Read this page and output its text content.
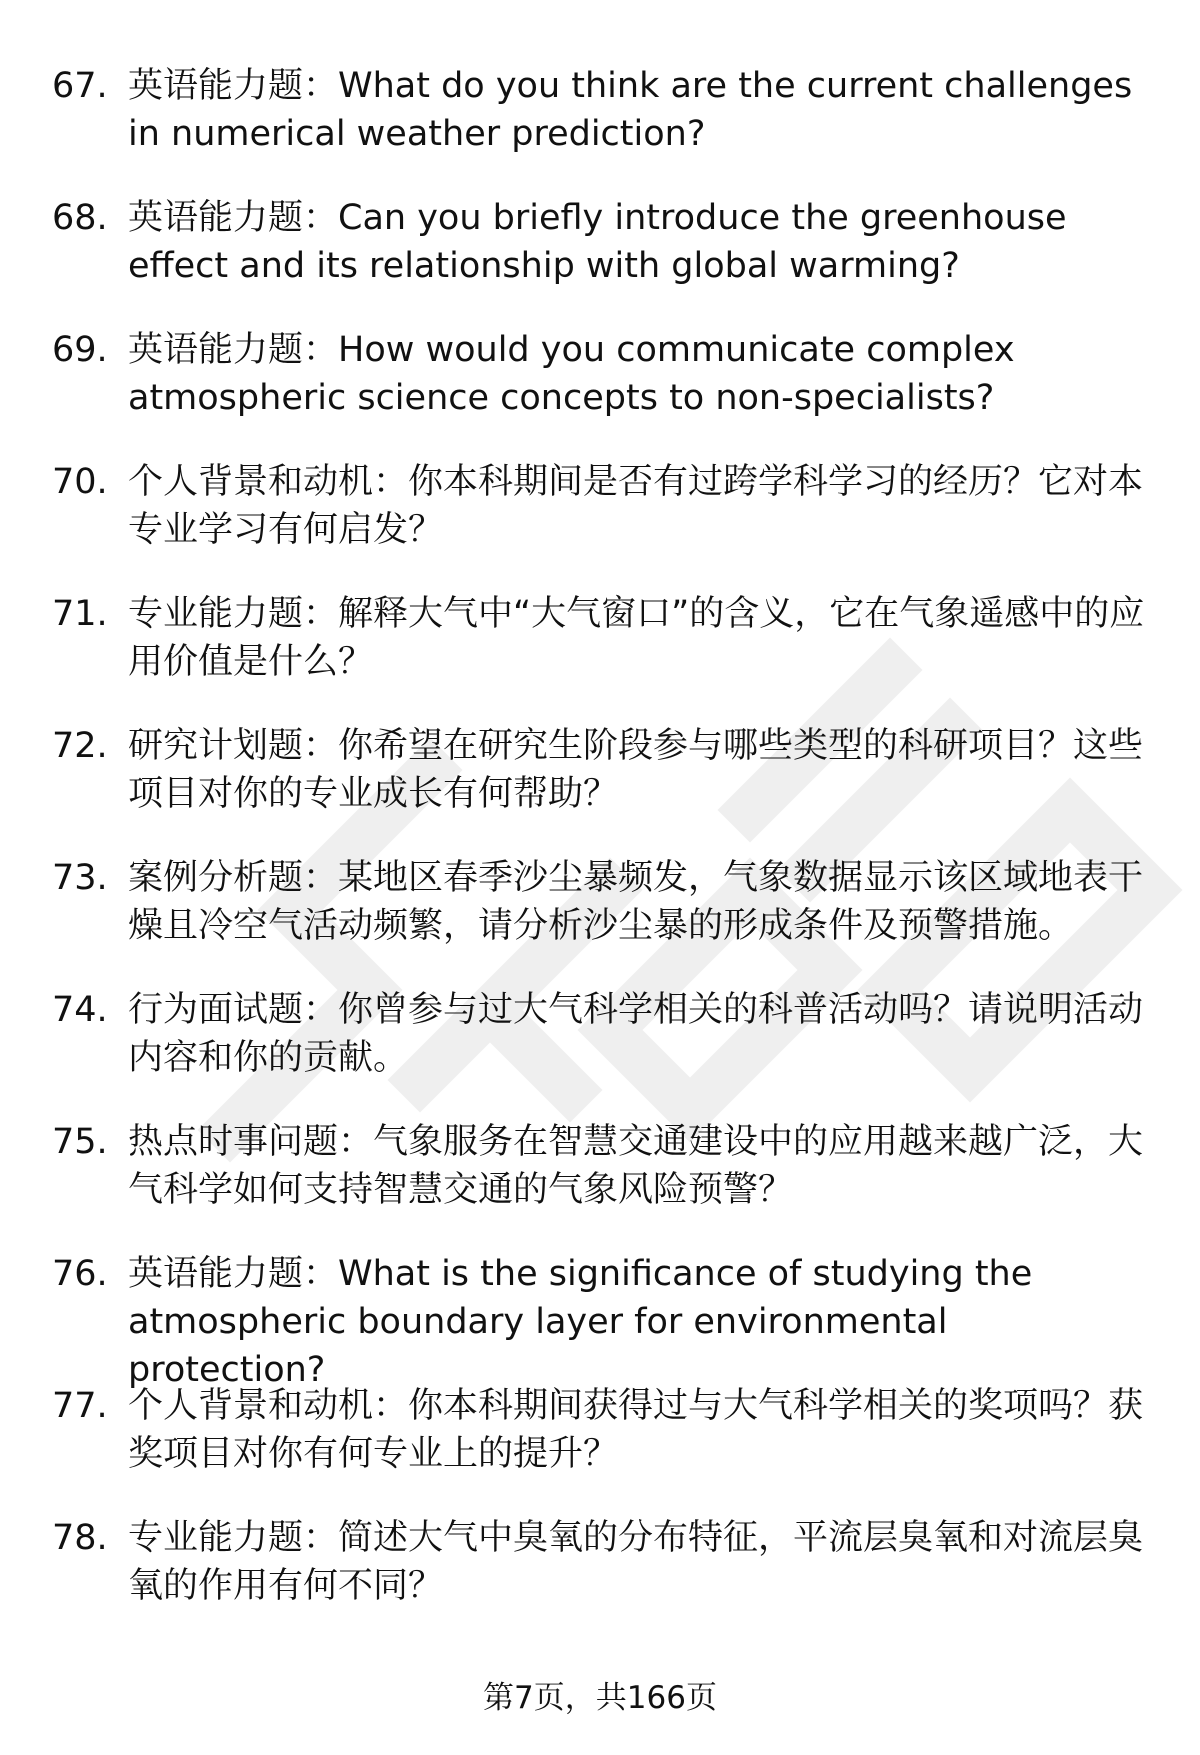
67. 英语能力题：What do you think are the current challenges in numerical weather prediction?
68. 英语能力题：Can you briefly introduce the greenhouse effect and its relationship with global warming?
69. 英语能力题：How would you communicate complex atmospheric science concepts to non-specialists?
70. 个人背景和动机：你本科期间是否有过跨学科学习的经历？它对本专业学习有何启发？
71. 专业能力题：解释大气中“大气窗口”的含义，它在气象遥感中的应用价值是什么？
72. 研究计划题：你希望在研究生阶段参与哪些类型的科研项目？这些项目对你的专业成长有何帮助？
73. 案例分析题：某地区春季沙尘暴频发，气象数据显示该区域地表干燥且冷空气活动频繁，请分析沙尘暴的形成条件及预警措施。
74. 行为面试题：你曾参与过大气科学相关的科普活动吗？请说明活动内容和你的贡献。
75. 热点时事问题：气象服务在智慧交通建设中的应用越来越广泛，大气科学如何支持智慧交通的气象风险预警？
76. 英语能力题：What is the significance of studying the atmospheric boundary layer for environmental protection?
77. 个人背景和动机：你本科期间获得过与大气科学相关的奖项吗？获奖项目对你有何专业上的提升？
78. 专业能力题：简述大气中臭氧的分布特征，平流层臭氧和对流层臭氧的作用有何不同？
第7页，共166页
